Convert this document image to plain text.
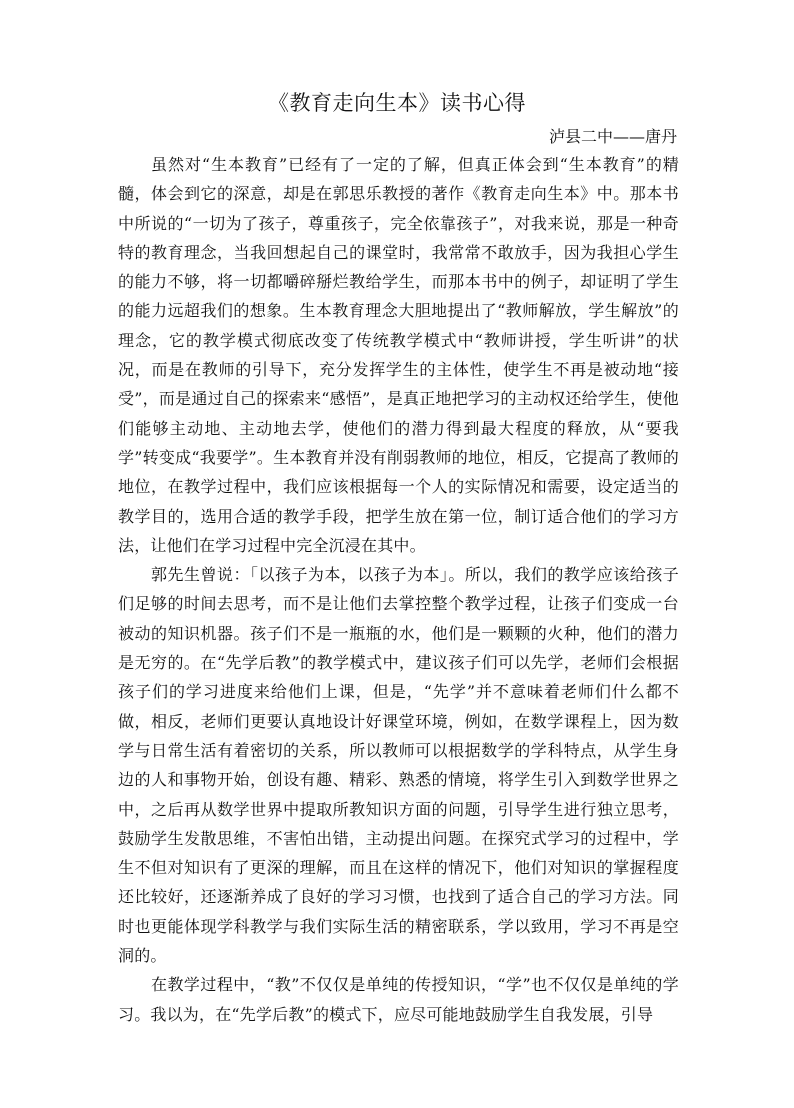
《教育走向生本》读书心得
泸县二中——唐丹

虽然对“生本教育”已经有了一定的了解，但真正体会到“生本教育”的精髓，体会到它的深意，却是在郭思乐教授的著作《教育走向生本》中。那本书中所说的“一切为了孩子，尊重孩子，完全依靠孩子”，对我来说，那是一种奇特的教育理念，当我回想起自己的课堂时，我常常不敢放手，因为我担心学生的能力不够，将一切都嚼碎掰烂教给学生，而那本书中的例子，却证明了学生的能力远超我们的想象。生本教育理念大胆地提出了“教师解放，学生解放”的理念，它的教学模式彻底改变了传统教学模式中“教师讲授，学生听讲”的状况，而是在教师的引导下，充分发挥学生的主体性，使学生不再是被动地“接受”，而是通过自己的探索来“感悟”，是真正地把学习的主动权还给学生，使他们能够主动地、主动地去学，使他们的潜力得到最大程度的释放，从“要我学”转变成“我要学”。生本教育并没有削弱教师的地位，相反，它提高了教师的地位，在教学过程中，我们应该根据每一个人的实际情况和需要，设定适当的教学目的，选用合适的教学手段，把学生放在第一位，制订适合他们的学习方法，让他们在学习过程中完全沉浸在其中。

郭先生曾说：「以孩子为本，以孩子为本」。所以，我们的教学应该给孩子们足够的时间去思考，而不是让他们去掌控整个教学过程，让孩子们变成一台被动的知识机器。孩子们不是一瓶瓶的水，他们是一颗颗的火种，他们的潜力是无穷的。在“先学后教”的教学模式中，建议孩子们可以先学，老师们会根据孩子们的学习进度来给他们上课，但是，“先学”并不意味着老师们什么都不做，相反，老师们更要认真地设计好课堂环境，例如，在数学课程上，因为数学与日常生活有着密切的关系，所以教师可以根据数学的学科特点，从学生身边的人和事物开始，创设有趣、精彩、熟悉的情境，将学生引入到数学世界之中，之后再从数学世界中提取所教知识方面的问题，引导学生进行独立思考，鼓励学生发散思维，不害怕出错，主动提出问题。在探究式学习的过程中，学生不但对知识有了更深的理解，而且在这样的情况下，他们对知识的掌握程度还比较好，还逐渐养成了良好的学习习惯，也找到了适合自己的学习方法。同时也更能体现学科教学与我们实际生活的精密联系，学以致用，学习不再是空洞的。

在教学过程中，“教”不仅仅是单纯的传授知识，“学”也不仅仅是单纯的学习。我以为，在“先学后教”的模式下，应尽可能地鼓励学生自我发展，引导
